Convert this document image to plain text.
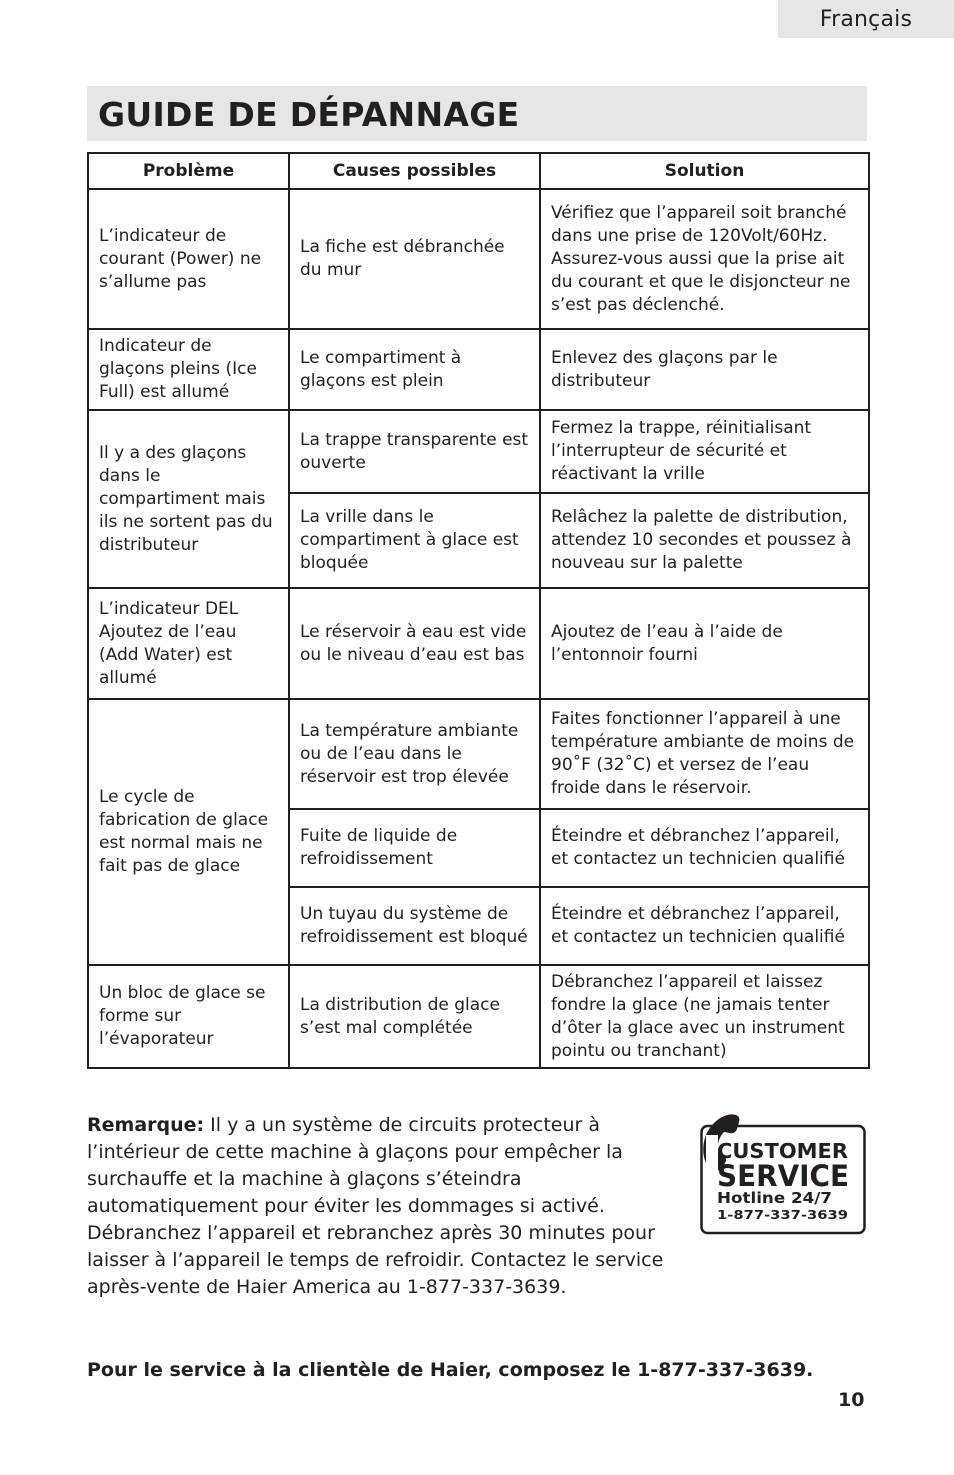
Français
GUIDE DE DÉPANNAGE
Problème	Causes possibles	Solution
L’indicateur de courant (Power) ne s’allume pas	La fiche est débranchée du mur	Vérifiez que l’appareil soit branché dans une prise de 120Volt/60Hz. Assurez-vous aussi que la prise ait du courant et que le disjoncteur ne s’est pas déclenché.
Indicateur de glaçons pleins (Ice Full) est allumé	Le compartiment à glaçons est plein	Enlevez des glaçons par le distributeur
Il y a des glaçons dans le compartiment mais ils ne sortent pas du distributeur	La trappe transparente est ouverte	Fermez la trappe, réinitialisant l’interrupteur de sécurité et réactivant la vrille
	La vrille dans le compartiment à glace est bloquée	Relâchez la palette de distribution, attendez 10 secondes et poussez à nouveau sur la palette
L’indicateur DEL Ajoutez de l’eau (Add Water) est allumé	Le réservoir à eau est vide ou le niveau d’eau est bas	Ajoutez de l’eau à l’aide de l’entonnoir fourni
Le cycle de fabrication de glace est normal mais ne fait pas de glace	La température ambiante ou de l’eau dans le réservoir est trop élevée	Faites fonctionner l’appareil à une température ambiante de moins de 90˚F (32˚C) et versez de l’eau froide dans le réservoir.
	Fuite de liquide de refroidissement	Éteindre et débranchez l’appareil, et contactez un technicien qualifié
	Un tuyau du système de refroidissement est bloqué	Éteindre et débranchez l’appareil, et contactez un technicien qualifié
Un bloc de glace se forme sur l’évaporateur	La distribution de glace s’est mal complétée	Débranchez l’appareil et laissez fondre la glace (ne jamais tenter d’ôter la glace avec un instrument pointu ou tranchant)
Remarque: Il y a un système de circuits protecteur à l’intérieur de cette machine à glaçons pour empêcher la surchauffe et la machine à glaçons s’éteindra automatiquement pour éviter les dommages si activé. Débranchez l’appareil et rebranchez après 30 minutes pour laisser à l’appareil le temps de refroidir. Contactez le service après-vente de Haier America au 1-877-337-3639.
CUSTOMER
SERVICE
Hotline 24/7
1-877-337-3639
Pour le service à la clientèle de Haier, composez le 1-877-337-3639.
10
